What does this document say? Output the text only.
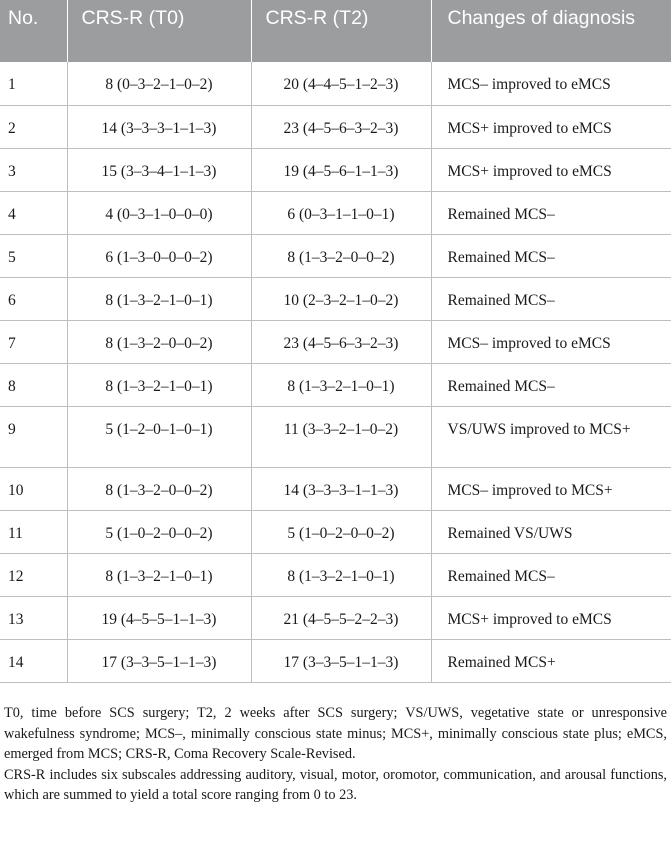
No.	CRS-R (T0)	CRS-R (T2)	Changes of diagnosis
1	8 (0–3–2–1–0–2)	20 (4–4–5–1–2–3)	MCS– improved to eMCS
2	14 (3–3–3–1–1–3)	23 (4–5–6–3–2–3)	MCS+ improved to eMCS
3	15 (3–3–4–1–1–3)	19 (4–5–6–1–1–3)	MCS+ improved to eMCS
4	4 (0–3–1–0–0–0)	6 (0–3–1–1–0–1)	Remained MCS–
5	6 (1–3–0–0–0–2)	8 (1–3–2–0–0–2)	Remained MCS–
6	8 (1–3–2–1–0–1)	10 (2–3–2–1–0–2)	Remained MCS–
7	8 (1–3–2–0–0–2)	23 (4–5–6–3–2–3)	MCS– improved to eMCS
8	8 (1–3–2–1–0–1)	8 (1–3–2–1–0–1)	Remained MCS–
9	5 (1–2–0–1–0–1)	11 (3–3–2–1–0–2)	VS/UWS improved to MCS+
10	8 (1–3–2–0–0–2)	14 (3–3–3–1–1–3)	MCS– improved to MCS+
11	5 (1–0–2–0–0–2)	5 (1–0–2–0–0–2)	Remained VS/UWS
12	8 (1–3–2–1–0–1)	8 (1–3–2–1–0–1)	Remained MCS–
13	19 (4–5–5–1–1–3)	21 (4–5–5–2–2–3)	MCS+ improved to eMCS
14	17 (3–3–5–1–1–3)	17 (3–3–5–1–1–3)	Remained MCS+

T0, time before SCS surgery; T2, 2 weeks after SCS surgery; VS/UWS, vegetative state or unresponsive wakefulness syndrome; MCS–, minimally conscious state minus; MCS+, minimally conscious state plus; eMCS, emerged from MCS; CRS-R, Coma Recovery Scale-Revised.

CRS-R includes six subscales addressing auditory, visual, motor, oromotor, communication, and arousal functions, which are summed to yield a total score ranging from 0 to 23.
